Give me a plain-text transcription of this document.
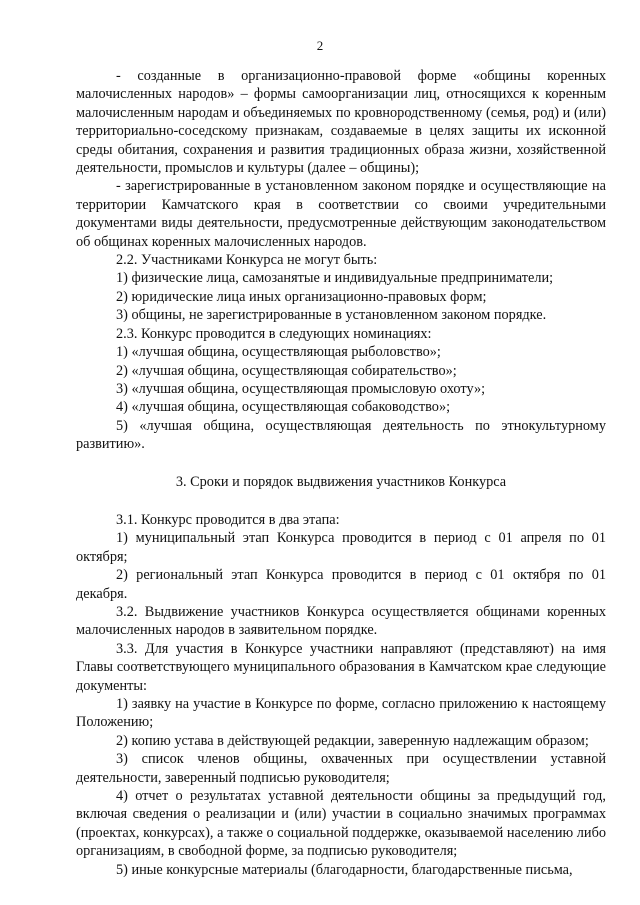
2

- созданные в организационно-правовой форме «общины коренных малочисленных народов» – формы самоорганизации лиц, относящихся к коренным малочисленным народам и объединяемых по кровнородственному (семья, род) и (или) территориально-соседскому признакам, создаваемые в целях защиты их исконной среды обитания, сохранения и развития традиционных образа жизни, хозяйственной деятельности, промыслов и культуры (далее – общины);

- зарегистрированные в установленном законом порядке и осуществляющие на территории Камчатского края в соответствии со своими учредительными документами виды деятельности, предусмотренные действующим законодательством об общинах коренных малочисленных народов.

2.2. Участниками Конкурса не могут быть:

1) физические лица, самозанятые и индивидуальные предприниматели;

2) юридические лица иных организационно-правовых форм;

3) общины, не зарегистрированные в установленном законом порядке.

2.3. Конкурс проводится в следующих номинациях:

1) «лучшая община, осуществляющая рыболовство»;

2) «лучшая община, осуществляющая собирательство»;

3) «лучшая община, осуществляющая промысловую охоту»;

4) «лучшая община, осуществляющая собаководство»;

5) «лучшая община, осуществляющая деятельность по этнокультурному развитию».

3. Сроки и порядок выдвижения участников Конкурса

3.1. Конкурс проводится в два этапа:

1) муниципальный этап Конкурса проводится в период с 01 апреля по 01 октября;

2) региональный этап Конкурса проводится в период с 01 октября по 01 декабря.

3.2. Выдвижение участников Конкурса осуществляется общинами коренных малочисленных народов в заявительном порядке.

3.3. Для участия в Конкурсе участники направляют (представляют) на имя Главы соответствующего муниципального образования в Камчатском крае следующие документы:

1) заявку на участие в Конкурсе по форме, согласно приложению к настоящему Положению;

2) копию устава в действующей редакции, заверенную надлежащим образом;

3) список членов общины, охваченных при осуществлении уставной деятельности, заверенный подписью руководителя;

4) отчет о результатах уставной деятельности общины за предыдущий год, включая сведения о реализации и (или) участии в социально значимых программах (проектах, конкурсах), а также о социальной поддержке, оказываемой населению либо организациям, в свободной форме, за подписью руководителя;

5) иные конкурсные материалы (благодарности, благодарственные письма,
